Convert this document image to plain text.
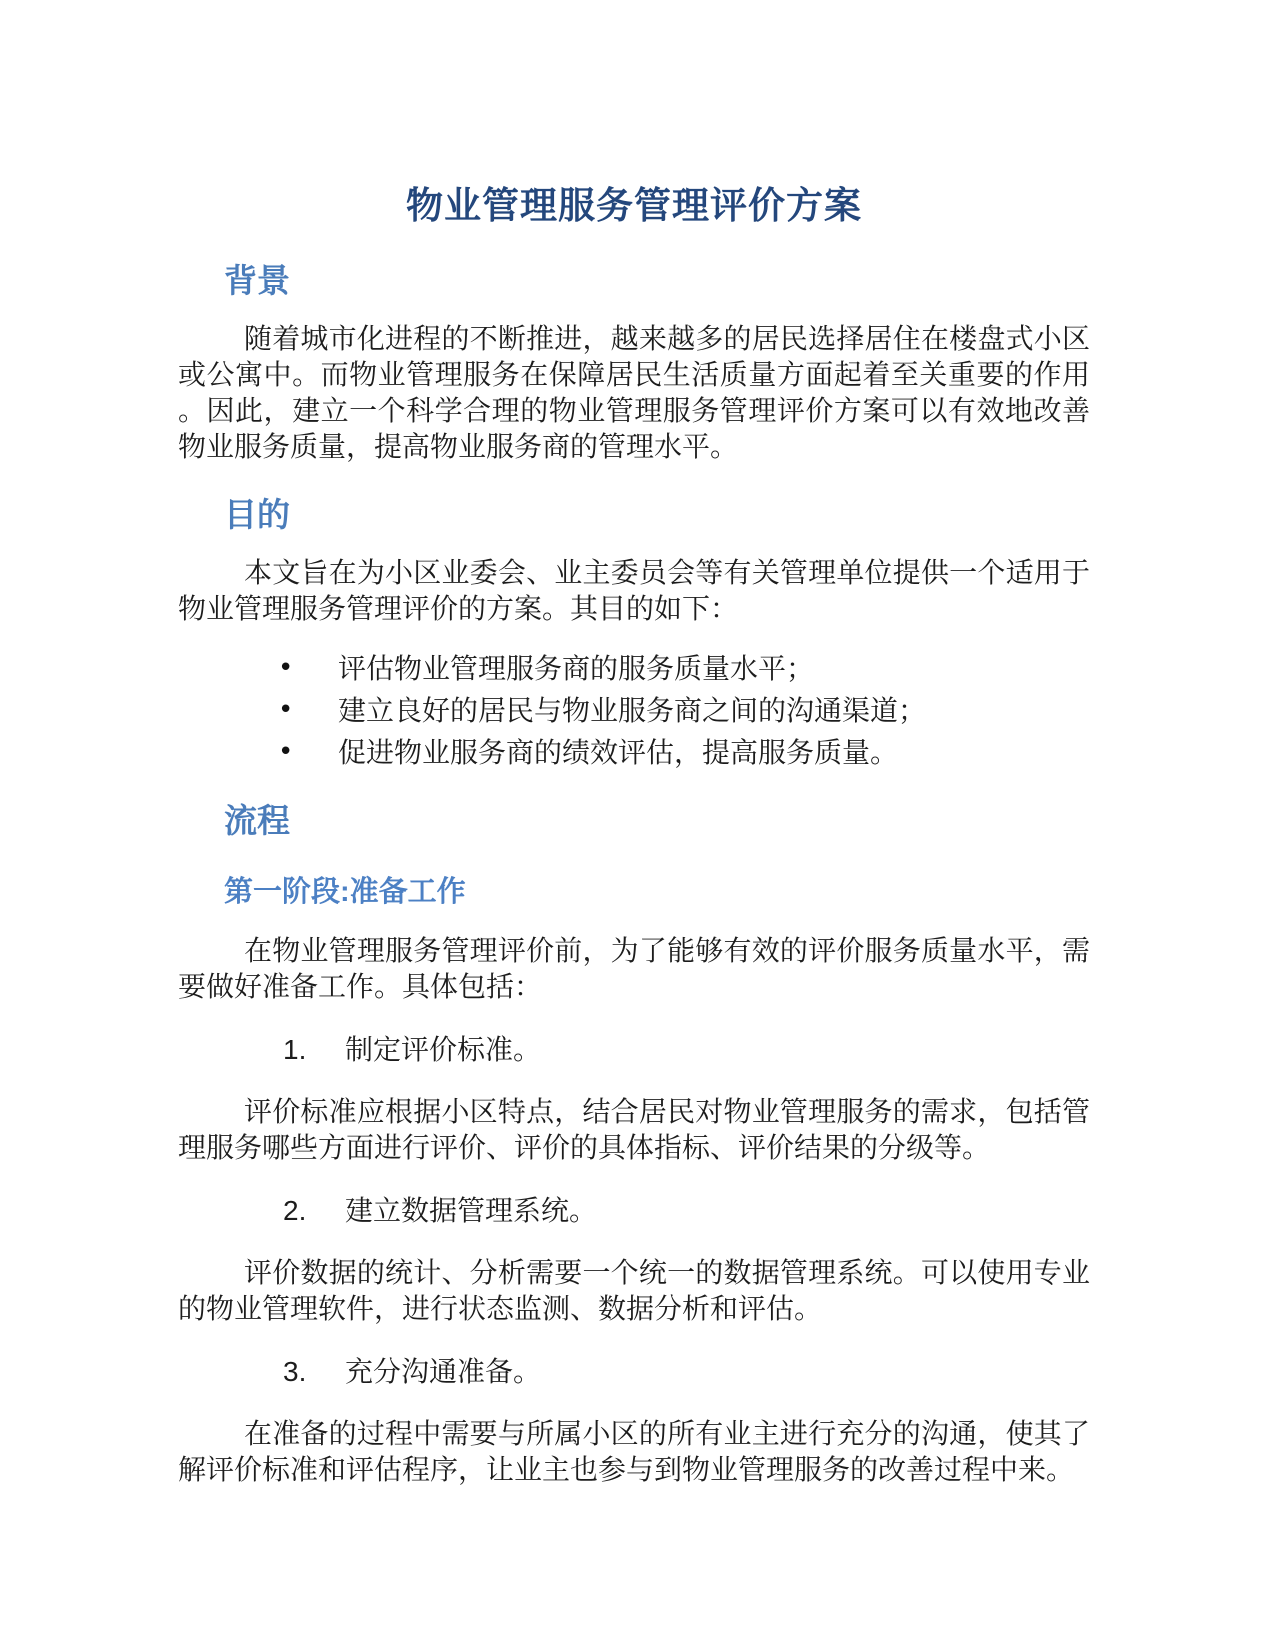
物业管理服务管理评价方案
背景

随着城市化进程的不断推进，越来越多的居民选择居住在楼盘式小区或公寓中。而物业管理服务在保障居民生活质量方面起着至关重要的作用。因此，建立一个科学合理的物业管理服务管理评价方案可以有效地改善物业服务质量，提高物业服务商的管理水平。

目的

本文旨在为小区业委会、业主委员会等有关管理单位提供一个适用于物业管理服务管理评价的方案。其目的如下：

• 评估物业管理服务商的服务质量水平；
• 建立良好的居民与物业服务商之间的沟通渠道；
• 促进物业服务商的绩效评估，提高服务质量。
流程
第一阶段:准备工作

在物业管理服务管理评价前，为了能够有效的评价服务质量水平，需要做好准备工作。具体包括：

1. 制定评价标准。

评价标准应根据小区特点，结合居民对物业管理服务的需求，包括管理服务哪些方面进行评价、评价的具体指标、评价结果的分级等。

2. 建立数据管理系统。

评价数据的统计、分析需要一个统一的数据管理系统。可以使用专业的物业管理软件，进行状态监测、数据分析和评估。

3. 充分沟通准备。

在准备的过程中需要与所属小区的所有业主进行充分的沟通，使其了解评价标准和评估程序，让业主也参与到物业管理服务的改善过程中来。
